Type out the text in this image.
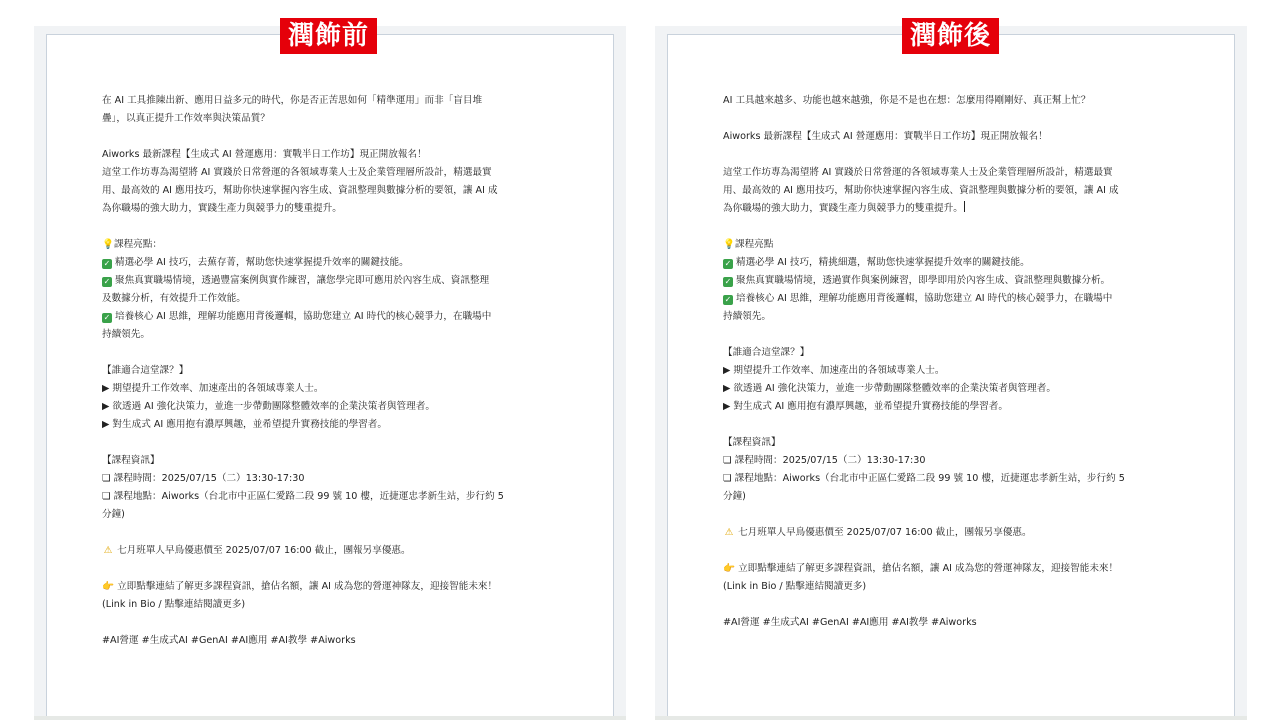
潤飾前	潤飾後
在 AI 工具推陳出新、應用日益多元的時代，你是否正苦思如何「精準運用」而非「盲目堆
疊」，以真正提升工作效率與決策品質？
Aiworks 最新課程【生成式 AI 營運應用：實戰半日工作坊】現正開放報名！
這堂工作坊專為渴望將 AI 實踐於日常營運的各領域專業人士及企業管理層所設計，精選最實
用、最高效的 AI 應用技巧，幫助你快速掌握內容生成、資訊整理與數據分析的要領，讓 AI 成
為你職場的強大助力，實踐生產力與競爭力的雙重提升。
💡課程亮點：
✓ 精選必學 AI 技巧，去蕪存菁，幫助您快速掌握提升效率的關鍵技能。
✓ 聚焦真實職場情境，透過豐富案例與實作練習，讓您學完即可應用於內容生成、資訊整理
及數據分析，有效提升工作效能。
✓ 培養核心 AI 思維，理解功能應用背後邏輯，協助您建立 AI 時代的核心競爭力，在職場中
持續領先。
【誰適合這堂課？】
▶ 期望提升工作效率、加速產出的各領域專業人士。
▶ 欲透過 AI 強化決策力，並進一步帶動團隊整體效率的企業決策者與管理者。
▶ 對生成式 AI 應用抱有濃厚興趣，並希望提升實務技能的學習者。
【課程資訊】
❏ 課程時間：2025/07/15（二）13:30-17:30
❏ 課程地點：Aiworks（台北市中正區仁愛路二段 99 號 10 樓，近捷運忠孝新生站，步行約 5
分鐘)
⚠ 七月班單人早鳥優惠價至 2025/07/07 16:00 截止，團報另享優惠。
👉 立即點擊連結了解更多課程資訊，搶佔名額，讓 AI 成為您的營運神隊友，迎接智能未來！
(Link in Bio / 點擊連結閱讀更多)
#AI營運 #生成式AI #GenAI #AI應用 #AI教學 #Aiworks
AI 工具越來越多、功能也越來越強，你是不是也在想：怎麼用得剛剛好、真正幫上忙？
Aiworks 最新課程【生成式 AI 營運應用：實戰半日工作坊】現正開放報名！
這堂工作坊專為渴望將 AI 實踐於日常營運的各領域專業人士及企業管理層所設計，精選最實
用、最高效的 AI 應用技巧，幫助你快速掌握內容生成、資訊整理與數據分析的要領，讓 AI 成
為你職場的強大助力，實踐生產力與競爭力的雙重提升。
💡課程亮點
✓ 精選必學 AI 技巧，精挑細選，幫助您快速掌握提升效率的關鍵技能。
✓ 聚焦真實職場情境，透過實作與案例練習，即學即用於內容生成、資訊整理與數據分析。
✓ 培養核心 AI 思維，理解功能應用背後邏輯，協助您建立 AI 時代的核心競爭力，在職場中
持續領先。
【誰適合這堂課？】
▶ 期望提升工作效率、加速產出的各領域專業人士。
▶ 欲透過 AI 強化決策力，並進一步帶動團隊整體效率的企業決策者與管理者。
▶ 對生成式 AI 應用抱有濃厚興趣，並希望提升實務技能的學習者。
【課程資訊】
❏ 課程時間：2025/07/15（二）13:30-17:30
❏ 課程地點：Aiworks（台北市中正區仁愛路二段 99 號 10 樓，近捷運忠孝新生站，步行約 5
分鐘)
⚠ 七月班單人早鳥優惠價至 2025/07/07 16:00 截止，團報另享優惠。
👉 立即點擊連結了解更多課程資訊，搶佔名額，讓 AI 成為您的營運神隊友，迎接智能未來！
(Link in Bio / 點擊連結閱讀更多)
#AI營運 #生成式AI #GenAI #AI應用 #AI教學 #Aiworks
